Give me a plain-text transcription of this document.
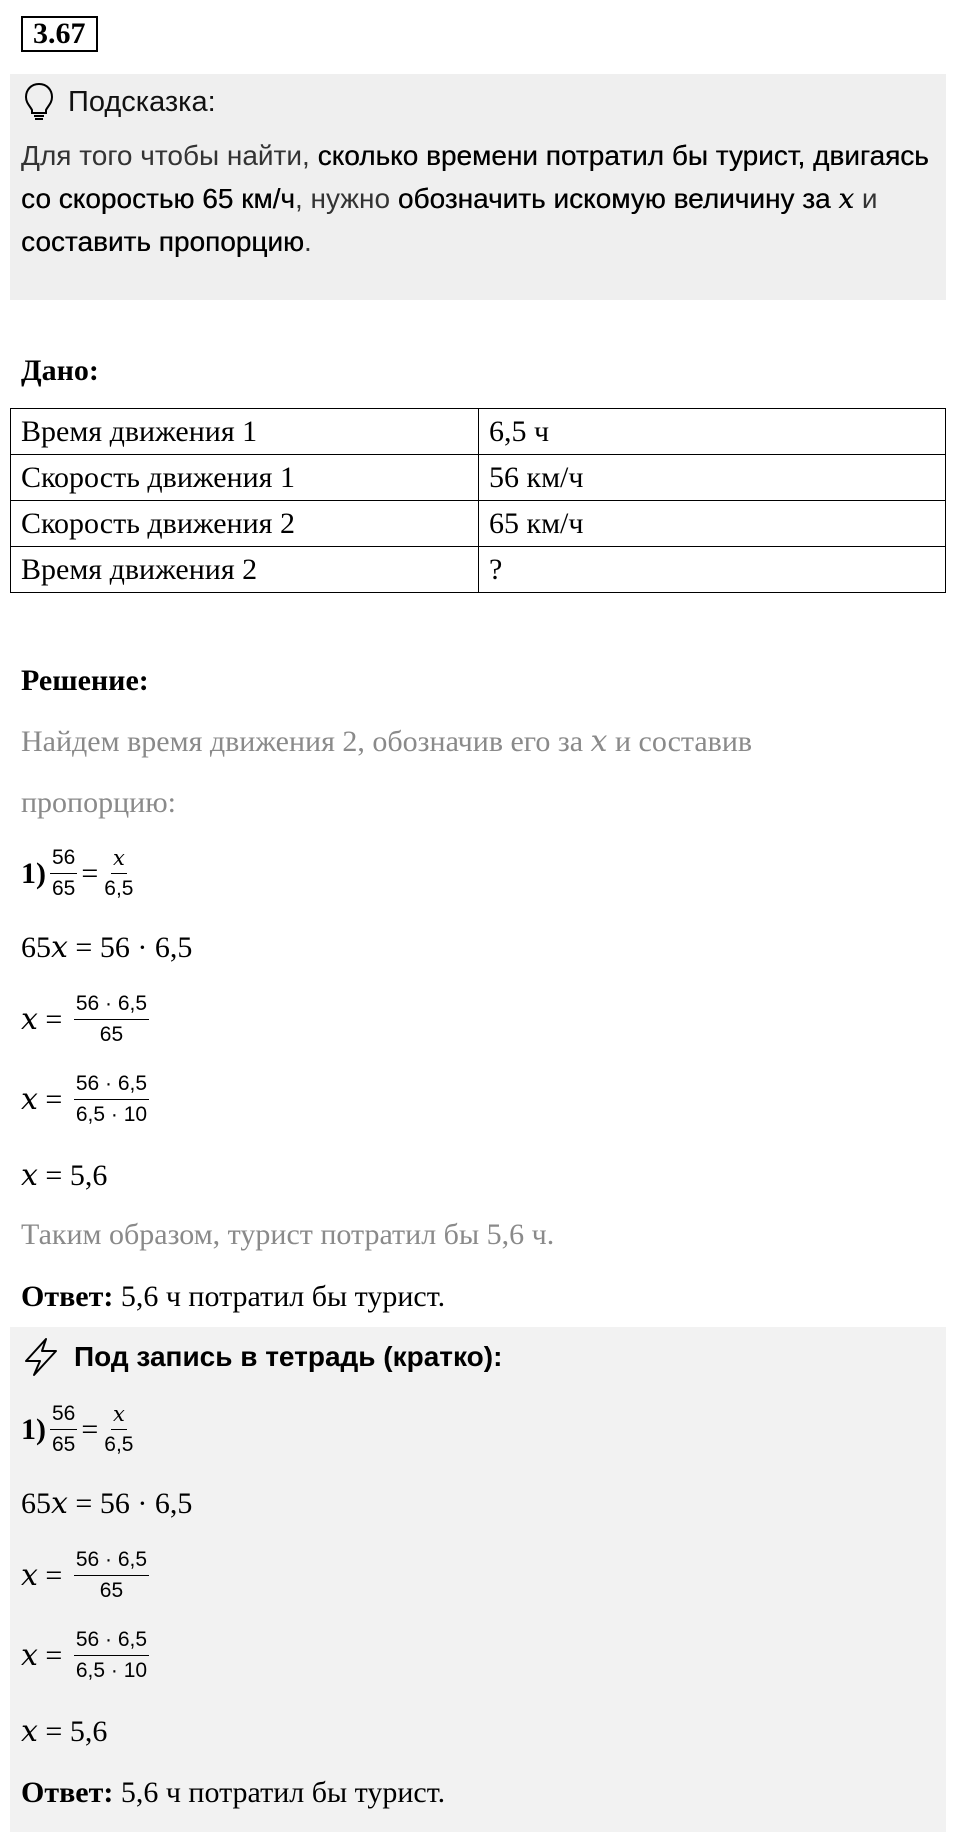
3.67
Подсказка:
Для того чтобы найти, сколько времени потратил бы турист, двигаясь со скоростью 65 км/ч, нужно обозначить искомую величину за x и составить пропорцию.
Дано:
Время движения 1	6,5 ч
Скорость движения 1	56 км/ч
Скорость движения 2	65 км/ч
Время движения 2	?
Решение:
Найдем время движения 2, обозначив его за x и составив
пропорцию:
$1) \frac{56}{65} = \frac{x}{6,5}$
65x = 56 · 6,5
$x = \frac{56 \cdot 6,5}{65}$
$x = \frac{56 \cdot 6,5}{6,5 \cdot 10}$
x = 5,6
Таким образом, турист потратил бы 5,6 ч.
Ответ: 5,6 ч потратил бы турист.
Под запись в тетрадь (кратко):
$1) \frac{56}{65} = \frac{x}{6,5}$
65x = 56 · 6,5
$x = \frac{56 \cdot 6,5}{65}$
$x = \frac{56 \cdot 6,5}{6,5 \cdot 10}$
x = 5,6
Ответ: 5,6 ч потратил бы турист.
